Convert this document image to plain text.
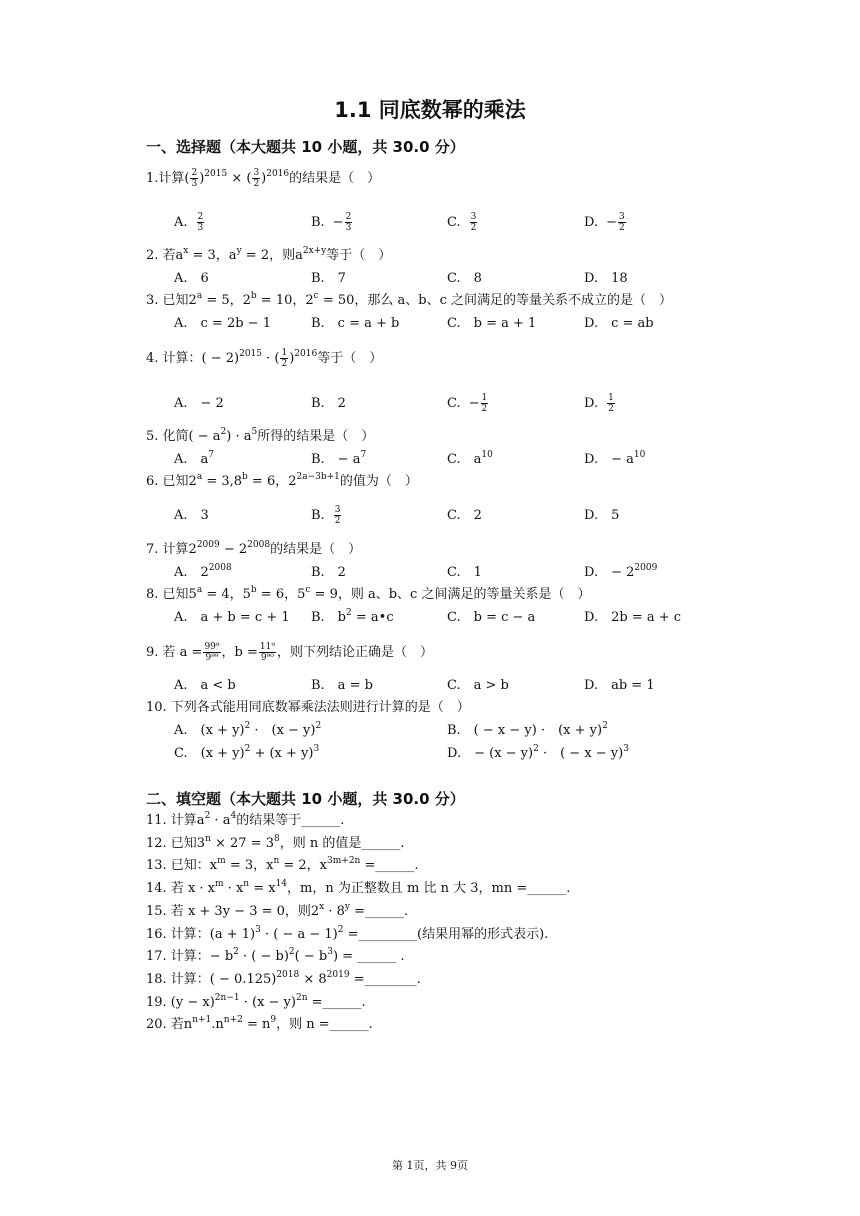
1.1 同底数幂的乘法
一、选择题（本大题共 10 小题，共 30.0 分）
1.计算( $\frac{2}{3} )^{2015}$ × ( $\frac{3}{2} )^{2016}$的结果是（　）
A. $\frac{2}{3}$	B. − $\frac{2}{3}$	C. $\frac{3}{2}$	D. − $\frac{3}{2}$
2. 若$a^x = 3$，$a^y = 2$，则$a^{2x+y}$等于（　）
A.　6	B.　7	C.　8	D.　18
3. 已知$2^a = 5$，$2^b = 10$，$2^c = 50$，那么 a、b、c 之间满足的等量关系不成立的是（　）
A.　c = 2b − 1	B.　c = a + b	C.　b = a + 1	D.　c = ab
4. 计算：( − 2)$^{2015}$ · ( $\frac{1}{2} )^{2016}$等于（　）
A.　− 2	B.　2	C. − $\frac{1}{2}$	D. $\frac{1}{2}$
5. 化简( − $a^2) \cdot a^5$所得的结果是（　）
A.　$a^7$	B.　− $a^7$	C.　$a^{10}$	D.　− $a^{10}$
6. 已知$2^a = 3,8^b = 6$，$2^{2a-3b+1}$的值为（　）
A.　3	B. $\frac{3}{2}$	C.　2	D.　5
7. 计算$2^{2009} - 2^{2008}$的结果是（　）
A.　$2^{2008}$	B.　2	C.　1	D.　− $2^{2009}$
8. 已知$5^a = 4$，$5^b = 6$，$5^c = 9$，则 a、b、c 之间满足的等量关系是（　）
A.　a + b = c + 1 B.　$b^2$ = a•c	C.　b = c − a	D.　2b = a + c
9. 若 $a = \frac{\text{99⁹}}{\text{9⁹⁹}}$ ，$b = \frac{\text{11⁹}}{\text{9⁹⁰}}$ ，则下列结论正确是（　）
A.　a < b	B.　a = b	C.　a > b	D.　ab = 1
10. 下列各式能用同底数幂乘法法则进行计算的是（　）
A.　$(x + y)^2$ ·　$(x - y)^2$	B.　( − x − y) ·　$(x + y)^2$
C.　$(x + y)^2 + (x + y)^3$	D.　− $(x - y)^2$ ·　( − x − y)$^3$
二、填空题（本大题共 10 小题，共 30.0 分）
11. 计算$a^2 \cdot a^4$的结果等于______.
12. 已知$3^n \times 27 = 3^8$，则 n 的值是______.
13. 已知：$x^m = 3$，$x^n = 2$，$x^{3m+2n}$ =______.
14. 若 $x \cdot x^m \cdot x^n = x^{14}$，m，n 为正整数且 m 比 n 大 3，mn =______.
15. 若 x + 3y − 3 = 0，则$2^x \cdot 8^y$ =______.
16. 计算：$(a + 1)^3$ · ( − a − 1)$^2$ =_________(结果用幂的形式表示).
17. 计算：− $b^2$ · ( − $b)^2( - b^3)$ = ______ .
18. 计算：( − $0.125)^{2018} \times 8^{2019}$ =________.
19. $(y - x)^{2n-1} \cdot (x - y)^{2n}$ =______.
20. 若$n^{n+1}.n^{n+2} = n^9$，则 n =______.
第 1页，共 9页
